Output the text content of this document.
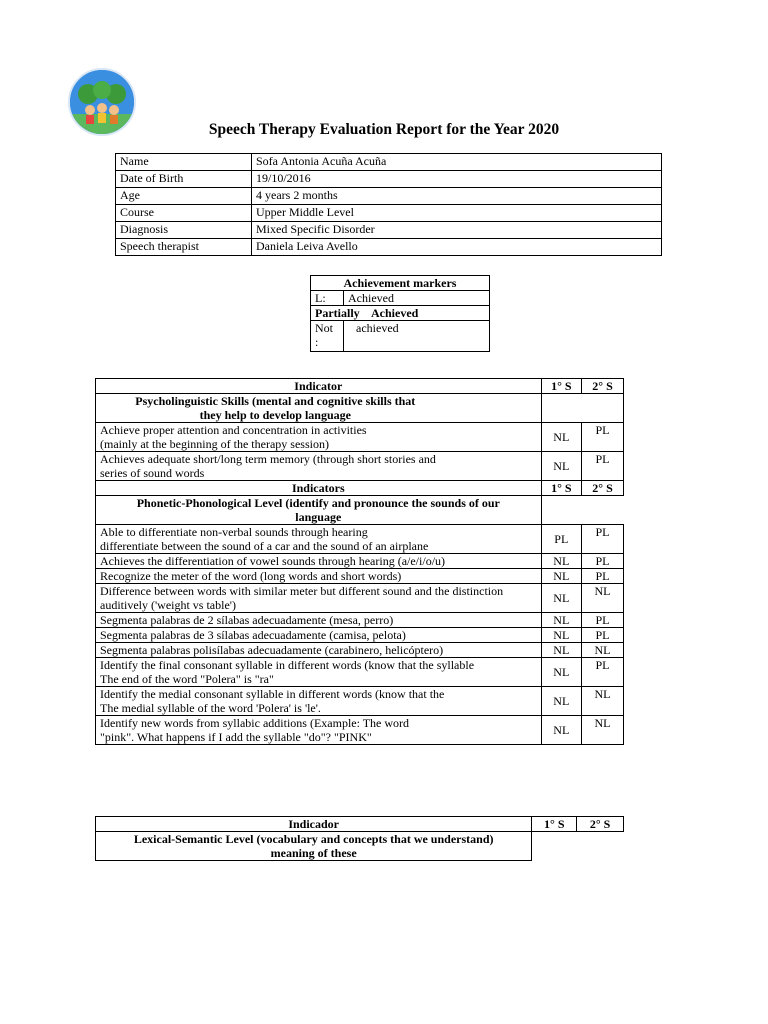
Speech Therapy Evaluation Report for the Year 2020
Name	Sofa Antonia Acuña Acuña
Date of Birth	19/10/2016
Age	4 years 2 months
Course	Upper Middle Level
Diagnosis	Mixed Specific Disorder
Speech therapist	Daniela Leiva Avello
Achievement markers	
L:	Achieved
Partially    Achieved	
Not
:	achieved
Indicator	1° S	2° S
Psycholinguistic Skills (mental and cognitive skills that
they help to develop language		
Achieve proper attention and concentration in activities
(mainly at the beginning of the therapy session)	NL	PL
Achieves adequate short/long term memory (through short stories and
series of sound words	NL	PL
Indicators	1° S	2° S
Phonetic-Phonological Level (identify and pronounce the sounds of our
language		
Able to differentiate non-verbal sounds through hearing
differentiate between the sound of a car and the sound of an airplane	PL	PL
Achieves the differentiation of vowel sounds through hearing (a/e/i/o/u)	NL	PL
Recognize the meter of the word (long words and short words)	NL	PL
Difference between words with similar meter but different sound and the distinction
auditively ('weight vs table')	NL	NL
Segmenta palabras de 2 sílabas adecuadamente (mesa, perro)	NL	PL
Segmenta palabras de 3 sílabas adecuadamente (camisa, pelota)	NL	PL
Segmenta palabras polisílabas adecuadamente (carabinero, helicóptero)	NL	NL
Identify the final consonant syllable in different words (know that the syllable
The end of the word "Polera" is "ra"	NL	PL
Identify the medial consonant syllable in different words (know that the
The medial syllable of the word 'Polera' is 'le'.	NL	NL
Identify new words from syllabic additions (Example: The word
"pink". What happens if I add the syllable "do"? "PINK"	NL	NL
Indicador	1° S	2° S
Lexical-Semantic Level (vocabulary and concepts that we understand)
meaning of these		
